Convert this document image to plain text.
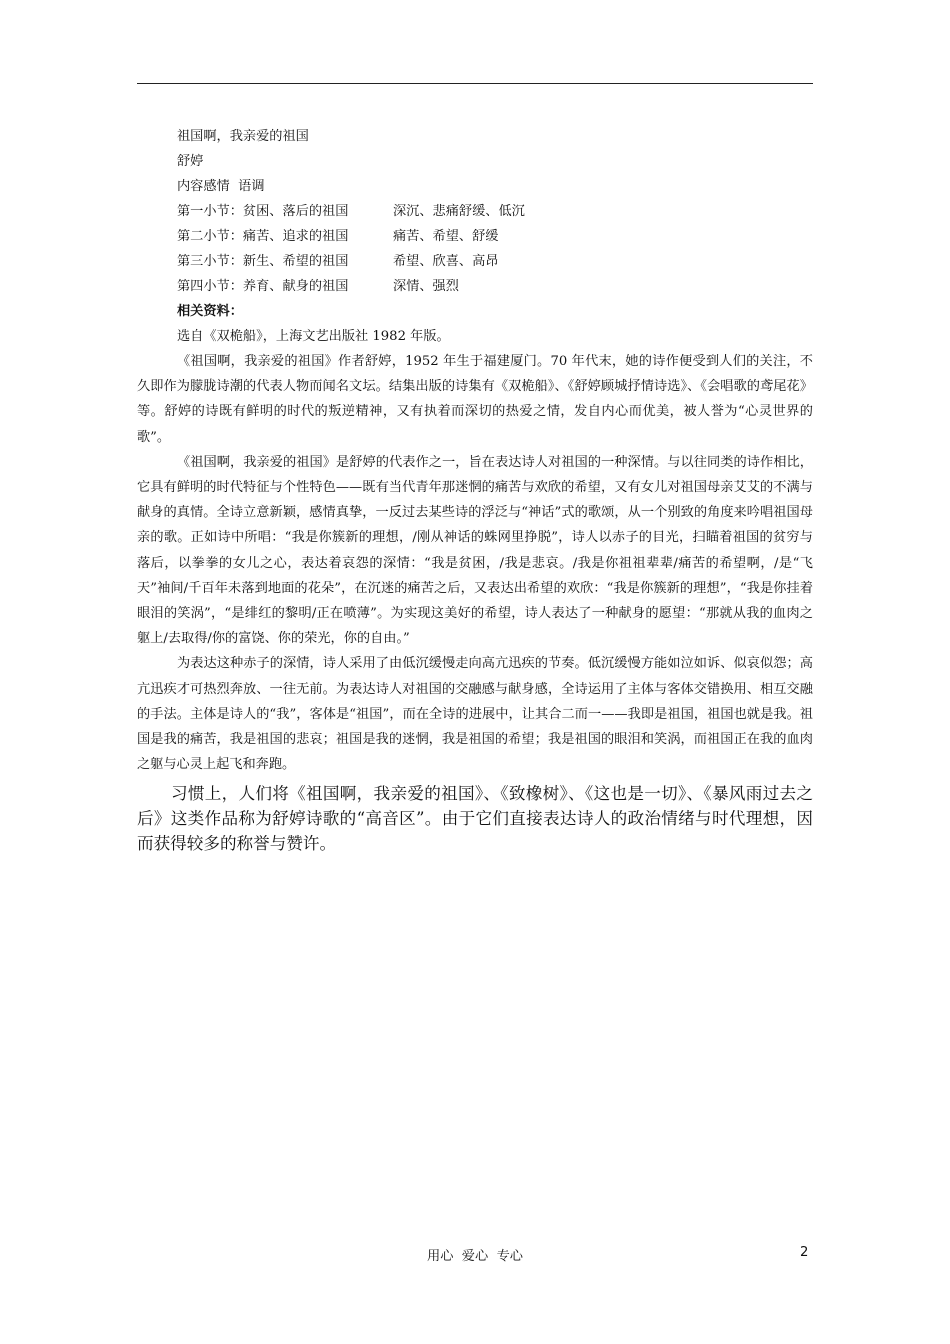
祖国啊，我亲爱的祖国
舒婷
内容感情  语调
第一小节：贫困、落后的祖国	深沉、悲痛舒缓、低沉
第二小节：痛苦、追求的祖国	痛苦、希望、舒缓
第三小节：新生、希望的祖国	希望、欣喜、高昂
第四小节：养育、献身的祖国	深情、强烈
相关资料：
选自《双桅船》，上海文艺出版社 1982 年版。

《祖国啊，我亲爱的祖国》作者舒婷，1952 年生于福建厦门。70 年代末，她的诗作便受到人们的关注，不久即作为朦胧诗潮的代表人物而闻名文坛。结集出版的诗集有《双桅船》、《舒婷顾城抒情诗选》、《会唱歌的鸢尾花》等。舒婷的诗既有鲜明的时代的叛逆精神，又有执着而深切的热爱之情，发自内心而优美，被人誉为“心灵世界的歌”。

《祖国啊，我亲爱的祖国》是舒婷的代表作之一，旨在表达诗人对祖国的一种深情。与以往同类的诗作相比，它具有鲜明的时代特征与个性特色——既有当代青年那迷惘的痛苦与欢欣的希望，又有女儿对祖国母亲艾艾的不满与献身的真情。全诗立意新颖，感情真挚，一反过去某些诗的浮泛与“神话”式的歌颂，从一个别致的角度来吟唱祖国母亲的歌。正如诗中所唱：“我是你簇新的理想，/刚从神话的蛛网里挣脱”，诗人以赤子的目光，扫瞄着祖国的贫穷与落后，以拳拳的女儿之心，表达着哀怨的深情：“我是贫困，/我是悲哀。/我是你祖祖辈辈/痛苦的希望啊，/是“飞天”袖间/千百年未落到地面的花朵”，在沉迷的痛苦之后，又表达出希望的欢欣：“我是你簇新的理想”，“我是你挂着眼泪的笑涡”，“是绯红的黎明/正在喷薄”。为实现这美好的希望，诗人表达了一种献身的愿望：“那就从我的血肉之躯上/去取得/你的富饶、你的荣光，你的自由。”

为表达这种赤子的深情，诗人采用了由低沉缓慢走向高亢迅疾的节奏。低沉缓慢方能如泣如诉、似哀似怨；高亢迅疾才可热烈奔放、一往无前。为表达诗人对祖国的交融感与献身感，全诗运用了主体与客体交错换用、相互交融的手法。主体是诗人的“我”，客体是“祖国”，而在全诗的进展中，让其合二而一——我即是祖国，祖国也就是我。祖国是我的痛苦，我是祖国的悲哀；祖国是我的迷惘，我是祖国的希望；我是祖国的眼泪和笑涡，而祖国正在我的血肉之躯与心灵上起飞和奔跑。

习惯上，人们将《祖国啊，我亲爱的祖国》、《致橡树》、《这也是一切》、《暴风雨过去之后》这类作品称为舒婷诗歌的“高音区”。由于它们直接表达诗人的政治情绪与时代理想，因而获得较多的称誉与赞许。

用心  爱心  专心	2
